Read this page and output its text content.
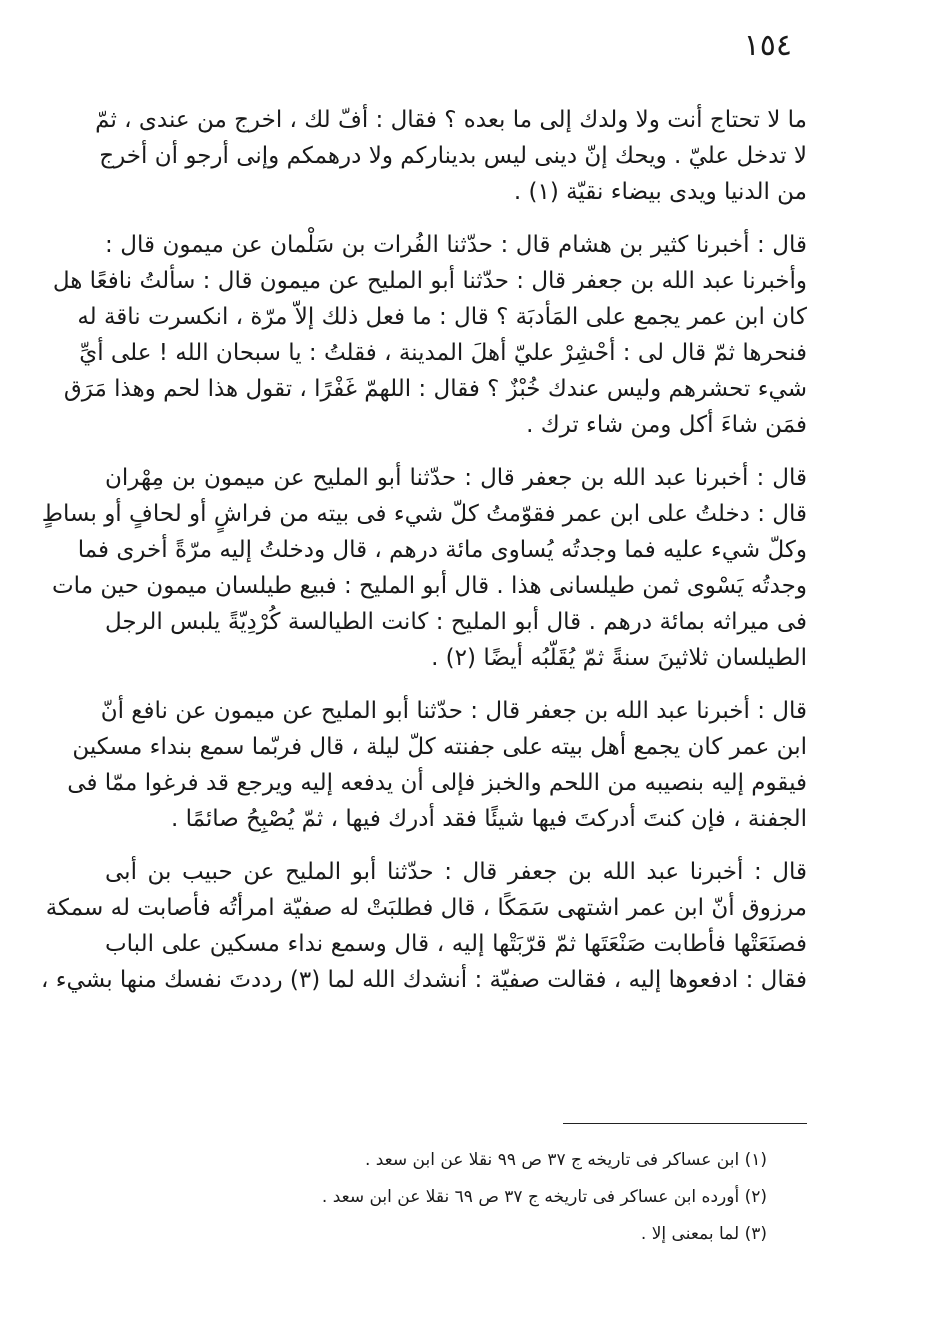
١٥٤
ما لا تحتاج أنت ولا ولدك إلى ما بعده ؟ فقال : أفّ لك ، اخرج من عندى ، ثمّ
لا تدخل عليّ . ويحك إنّ دينى ليس بدينارکم ولا درهمكم وإنى أرجو أن أخرج
من الدنيا ويدى بيضاء نقيّة (١) .
قال : أخبرنا كثير بن هشام قال : حدّثنا الفُرات بن سَلْمان عن ميمون قال :
وأخبرنا عبد الله بن جعفر قال : حدّثنا أبو المليح عن ميمون قال : سألتُ نافعًا هل
كان ابن عمر يجمع على المَأدبَة ؟ قال : ما فعل ذلك إلاّ مرّة ، انكسرت ناقة له
فنحرها ثمّ قال لى : أحْشِرْ عليّ أهلَ المدينة ، فقلتُ : يا سبحان الله ! على أيِّ
شيء تحشرهم وليس عندك خُبْزٌ ؟ فقال : اللهمّ غَفْرًا ، تقول هذا لحم وهذا مَرَق
فمَن شاءَ أكل ومن شاء ترك .
قال : أخبرنا عبد الله بن جعفر قال : حدّثنا أبو المليح عن ميمون بن مِهْران
قال : دخلتُ على ابن عمر فقوّمتُ كلّ شيء فى بيته من فراشٍ أو لحافٍ أو بساطٍ
وكلّ شيء عليه فما وجدتُه يُساوى مائة درهم ، قال ودخلتُ إليه مرّةً أخرى فما
وجدتُه يَسْوى ثمن طيلسانى هذا . قال أبو المليح : فبيع طيلسان ميمون حين مات
فى ميراثه بمائة درهم . قال أبو المليح : كانت الطيالسة كُرْدِيّةً يلبس الرجل
الطيلسان ثلاثينَ سنةً ثمّ يُقَلّبُه أيضًا (٢) .
قال : أخبرنا عبد الله بن جعفر قال : حدّثنا أبو المليح عن ميمون عن نافع أنّ
ابن عمر كان يجمع أهل بيته على جفنته كلّ ليلة ، قال فربّما سمع بنداء مسكين
فيقوم إليه بنصيبه من اللحم والخبز فإلى أن يدفعه إليه ويرجع قد فرغوا ممّا فى
الجفنة ، فإن كنتَ أدركتَ فيها شيئًا فقد أدرك فيها ، ثمّ يُصْبِحُ صائمًا .
قال : أخبرنا عبد الله بن جعفر قال : حدّثنا أبو المليح عن حبيب بن أبى
مرزوق أنّ ابن عمر اشتهى سَمَكًا ، قال فطلبَتْ له صفيّة امرأتُه فأصابت له سمكة
فصنَعَتْها فأطابت صَنْعَتَها ثمّ قرّبَتْها إليه ، قال وسمع نداء مسكين على الباب
فقال : ادفعوها إليه ، فقالت صفيّة : أنشدك الله لما (٣) رددتَ نفسك منها بشيء ،
(١) ابن عساكر فى تاريخه ج ٣٧ ص ٩٩ نقلا عن ابن سعد .
(٢) أورده ابن عساكر فى تاريخه ج ٣٧ ص ٦٩ نقلا عن ابن سعد .
(٣) لما بمعنى إلا .
